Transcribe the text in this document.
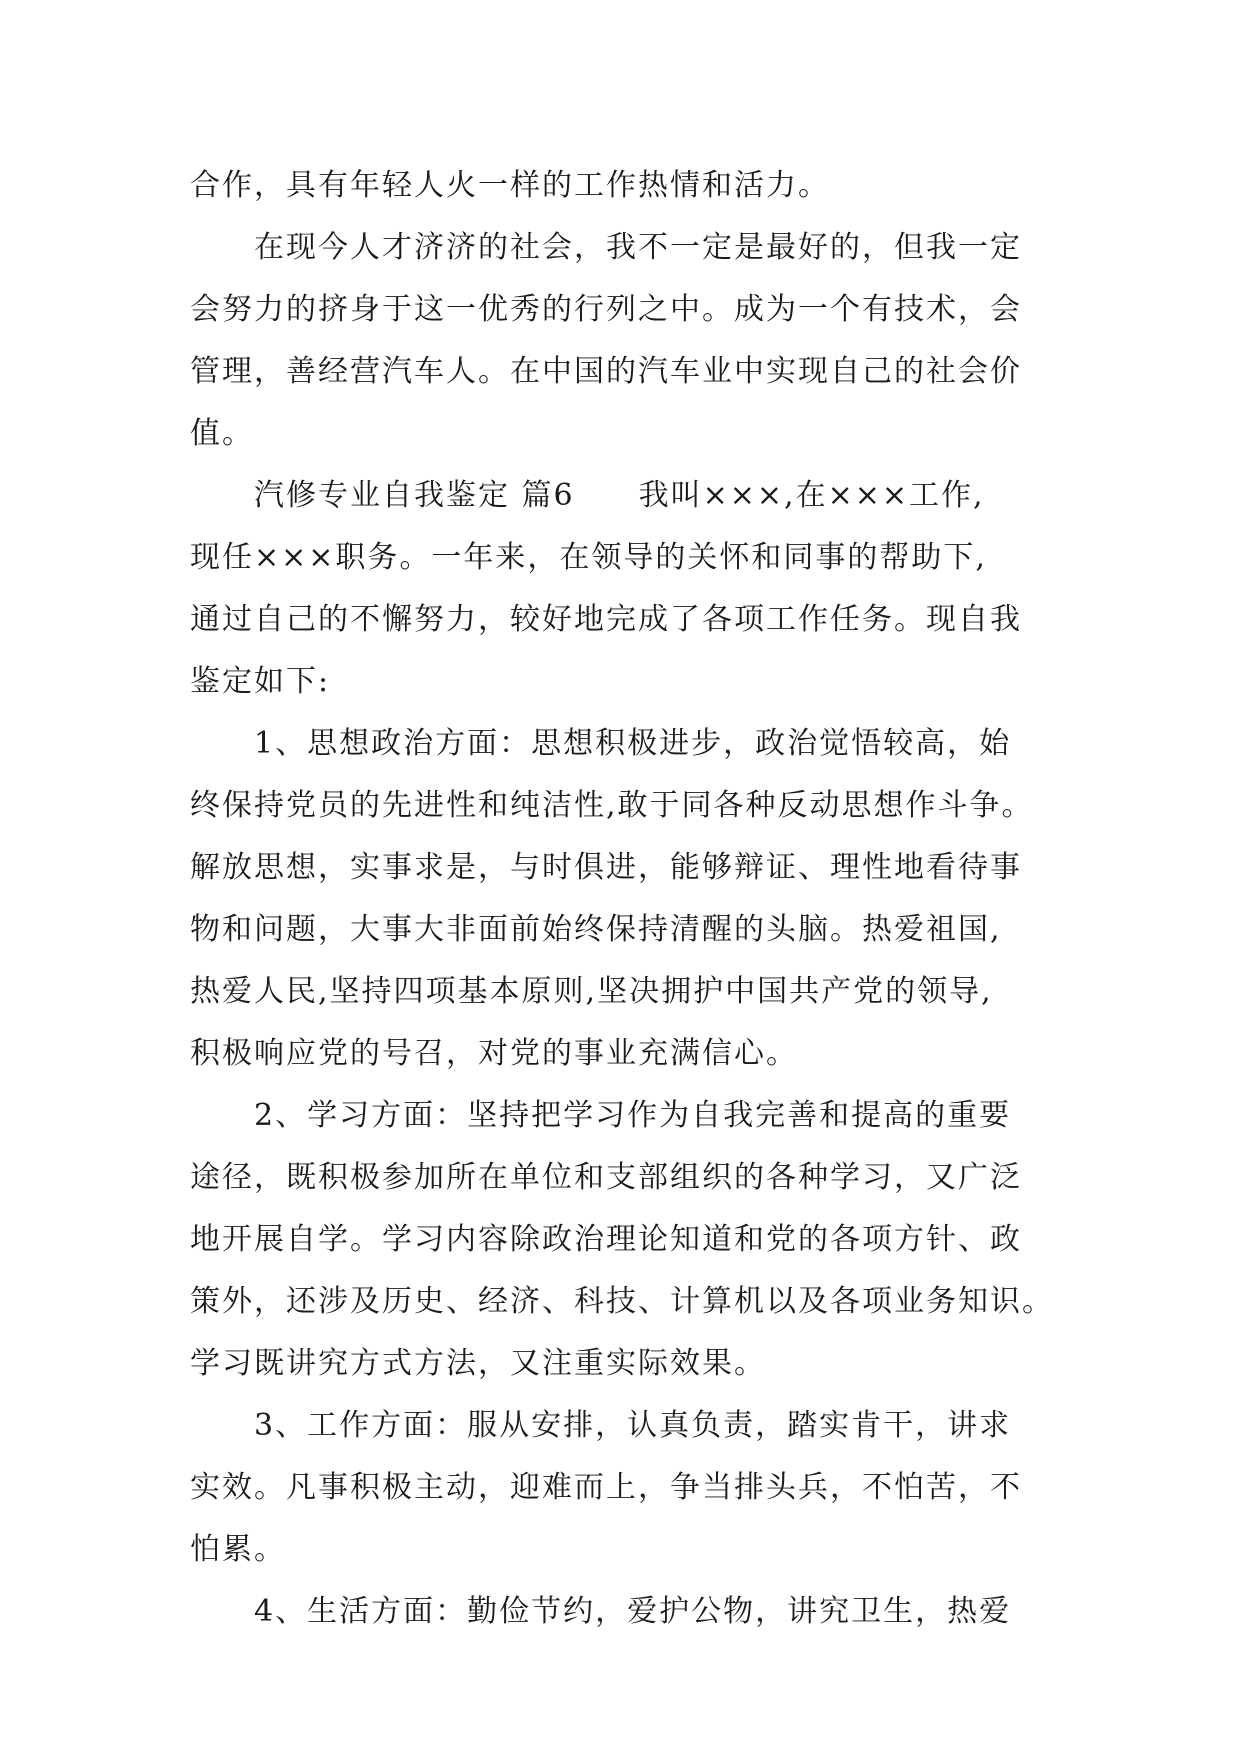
合作，具有年轻人火一样的工作热情和活力。
　　在现今人才济济的社会，我不一定是最好的，但我一定
会努力的挤身于这一优秀的行列之中。成为一个有技术，会
管理，善经营汽车人。在中国的汽车业中实现自己的社会价
值。
　　汽修专业自我鉴定 篇6　　我叫×××,在×××工作,
现任×××职务。一年来，在领导的关怀和同事的帮助下,
通过自己的不懈努力，较好地完成了各项工作任务。现自我
鉴定如下:
　　1、思想政治方面：思想积极进步，政治觉悟较高，始
终保持党员的先进性和纯洁性,敢于同各种反动思想作斗争。
解放思想，实事求是，与时俱进，能够辩证、理性地看待事
物和问题，大事大非面前始终保持清醒的头脑。热爱祖国,
热爱人民,坚持四项基本原则,坚决拥护中国共产党的领导,
积极响应党的号召，对党的事业充满信心。
　　2、学习方面：坚持把学习作为自我完善和提高的重要
途径，既积极参加所在单位和支部组织的各种学习，又广泛
地开展自学。学习内容除政治理论知道和党的各项方针、政
策外，还涉及历史、经济、科技、计算机以及各项业务知识。
学习既讲究方式方法，又注重实际效果。
　　3、工作方面：服从安排，认真负责，踏实肯干，讲求
实效。凡事积极主动，迎难而上，争当排头兵，不怕苦，不
怕累。
　　4、生活方面：勤俭节约，爱护公物，讲究卫生，热爱
